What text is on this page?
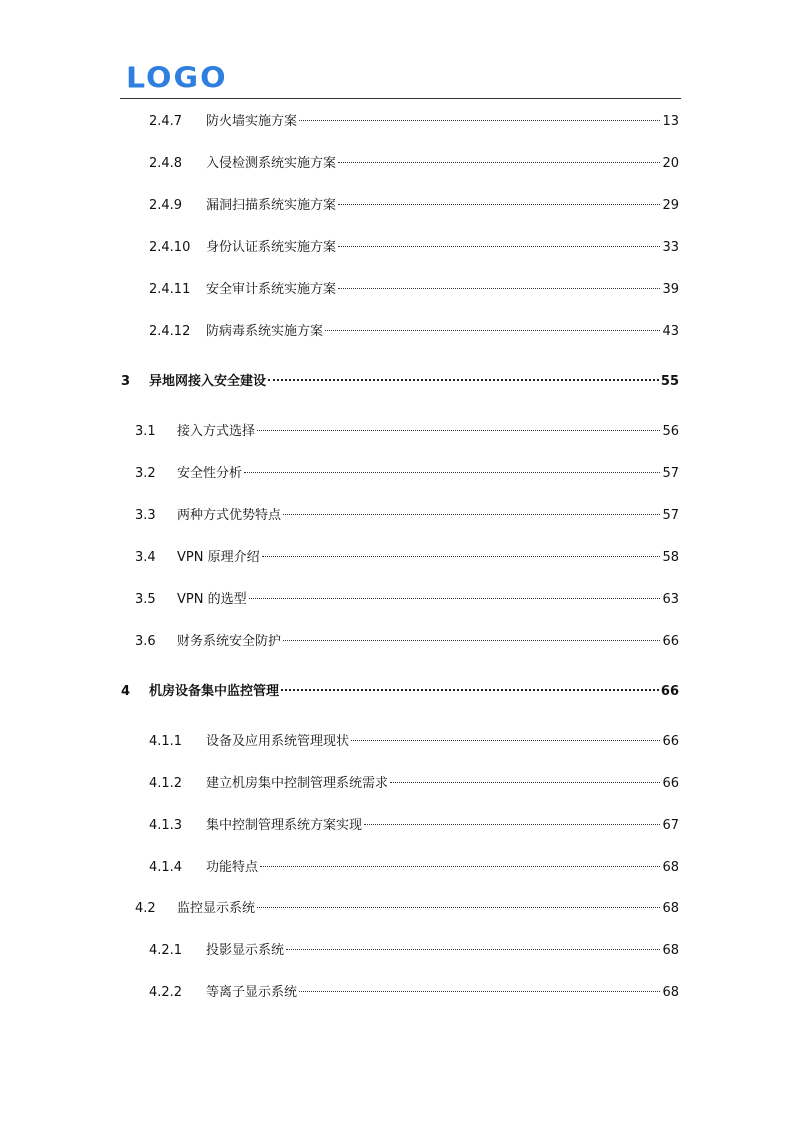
LOGO
2.4.7	防火墙实施方案	13
2.4.8	入侵检测系统实施方案	20
2.4.9	漏洞扫描系统实施方案	29
2.4.10	身份认证系统实施方案	33
2.4.11	安全审计系统实施方案	39
2.4.12	防病毒系统实施方案	43
3	异地网接入安全建设	55
3.1	接入方式选择	56
3.2	安全性分析	57
3.3	两种方式优势特点	57
3.4	VPN 原理介绍	58
3.5	VPN 的选型	63
3.6	财务系统安全防护	66
4	机房设备集中监控管理	66
4.1.1	设备及应用系统管理现状	66
4.1.2	建立机房集中控制管理系统需求	66
4.1.3	集中控制管理系统方案实现	67
4.1.4	功能特点	68
4.2	监控显示系统	68
4.2.1	投影显示系统	68
4.2.2	等离子显示系统	68
